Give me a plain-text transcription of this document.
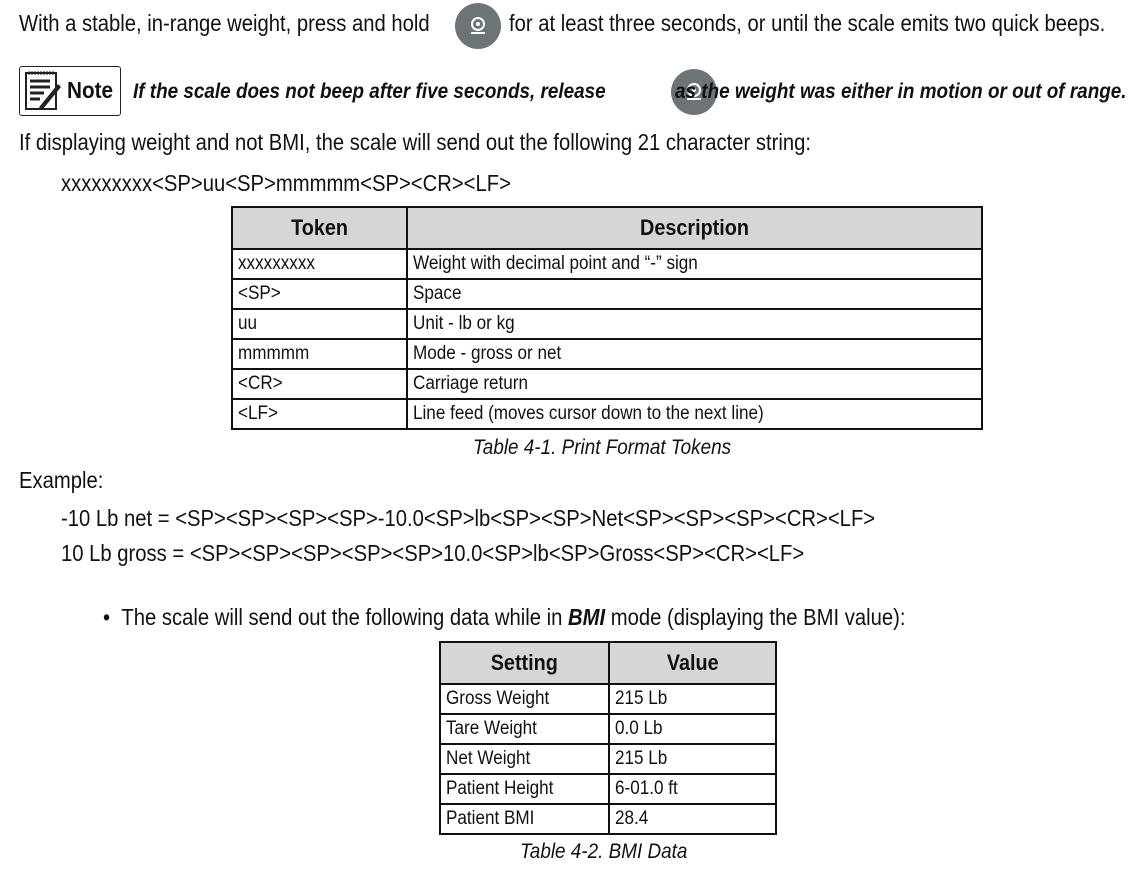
With a stable, in-range weight, press and hold
	for at least three seconds, or until the scale emits two quick beeps.
Note If the scale does not beep after five seconds, release	as the weight was either in motion or out of range.
If displaying weight and not BMI, the scale will send out the following 21 character string:
xxxxxxxxx<SP>uu<SP>mmmmm<SP><CR><LF>
Token	Description
xxxxxxxxx	Weight with decimal point and “-” sign
<SP>	Space
uu	Unit - lb or kg
mmmmm	Mode - gross or net
<CR>	Carriage return
<LF>	Line feed (moves cursor down to the next line)
Table 4-1. Print Format Tokens
Example:
-10 Lb net = <SP><SP><SP><SP>-10.0<SP>lb<SP><SP>Net<SP><SP><SP><CR><LF>
10 Lb gross = <SP><SP><SP><SP><SP>10.0<SP>lb<SP>Gross<SP><CR><LF>
•  The scale will send out the following data while in BMI mode (displaying the BMI value):
Setting	Value
Gross Weight	215 Lb
Tare Weight	0.0 Lb
Net Weight	215 Lb
Patient Height	6-01.0 ft
Patient BMI	28.4
Table 4-2. BMI Data
